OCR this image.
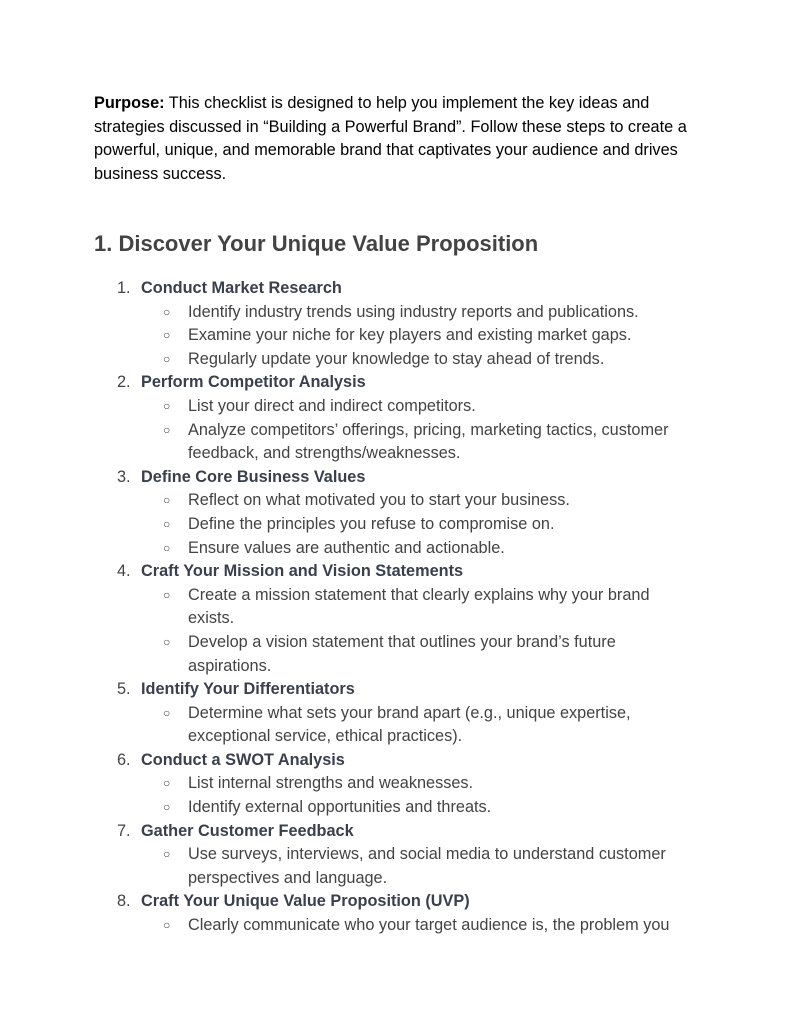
Purpose: This checklist is designed to help you implement the key ideas and strategies discussed in “Building a Powerful Brand”. Follow these steps to create a powerful, unique, and memorable brand that captivates your audience and drives business success.

1. Discover Your Unique Value Proposition
1. Conduct Market Research
○ Identify industry trends using industry reports and publications.
○ Examine your niche for key players and existing market gaps.
○ Regularly update your knowledge to stay ahead of trends.
2. Perform Competitor Analysis
○ List your direct and indirect competitors.
○ Analyze competitors’ offerings, pricing, marketing tactics, customer feedback, and strengths/weaknesses.
3. Define Core Business Values
○ Reflect on what motivated you to start your business.
○ Define the principles you refuse to compromise on.
○ Ensure values are authentic and actionable.
4. Craft Your Mission and Vision Statements
○ Create a mission statement that clearly explains why your brand exists.
○ Develop a vision statement that outlines your brand’s future aspirations.
5. Identify Your Differentiators
○ Determine what sets your brand apart (e.g., unique expertise, exceptional service, ethical practices).
6. Conduct a SWOT Analysis
○ List internal strengths and weaknesses.
○ Identify external opportunities and threats.
7. Gather Customer Feedback
○ Use surveys, interviews, and social media to understand customer perspectives and language.
8. Craft Your Unique Value Proposition (UVP)
○ Clearly communicate who your target audience is, the problem you
